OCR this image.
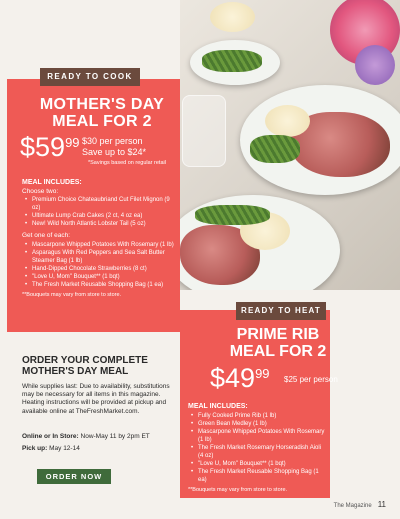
READY TO COOK
MOTHER'S DAY
MEAL FOR 2
$\$59^{99}$ $30 per person
Save up to $24*
*Savings based on regular retail
MEAL INCLUDES:
Choose two:
• Premium Choice Chateaubriand Cut Filet Mignon (9 oz)
• Ultimate Lump Crab Cakes (2 ct, 4 oz ea)
• New! Wild North Atlantic Lobster Tail (5 oz)
Get one of each:
• Mascarpone Whipped Potatoes With Rosemary (1 lb)
• Asparagus With Red Peppers and Sea Salt Butter Steamer Bag (1 lb)
• Hand-Dipped Chocolate Strawberries (8 ct)
• "Love U, Mom" Bouquet** (1 bqt)
• The Fresh Market Reusable Shopping Bag (1 ea)
**Bouquets may vary from store to store.
READY TO HEAT
PRIME RIB
MEAL FOR 2
$\$49^{99}$ $25 per person
MEAL INCLUDES:
• Fully Cooked Prime Rib (1 lb)
• Green Bean Medley (1 lb)
• Mascarpone Whipped Potatoes With Rosemary (1 lb)
• The Fresh Market Rosemary Horseradish Aioli (4 oz)
• "Love U, Mom" Bouquet** (1 bqt)
• The Fresh Market Reusable Shopping Bag (1 ea)
**Bouquets may vary from store to store.
ORDER YOUR COMPLETE
MOTHER'S DAY MEAL
While supplies last: Due to availability, substitutions may be necessary for all items in this magazine. Heating instructions will be provided at pickup and available online at TheFreshMarket.com.
Online or In Store: Now-May 11 by 2pm ET
Pick up: May 12-14
ORDER NOW
The Magazine 11
